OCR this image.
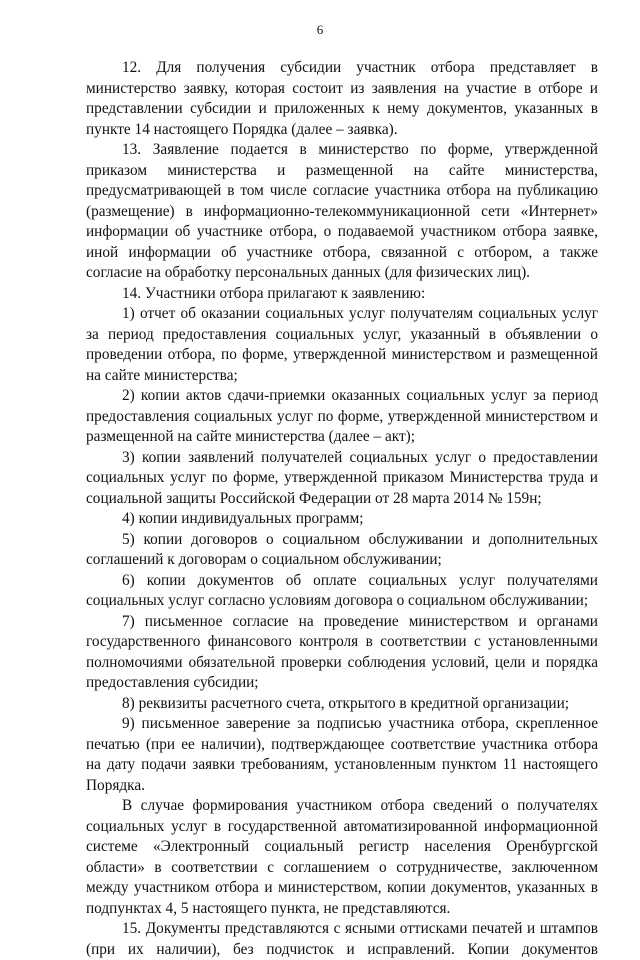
6
12. Для получения субсидии участник отбора представляет в
министерство заявку, которая состоит из заявления на участие в отборе и
представлении субсидии и приложенных к нему документов, указанных в
пункте 14 настоящего Порядка (далее – заявка).
13. Заявление подается в министерство по форме, утвержденной
приказом министерства и размещенной на сайте министерства,
предусматривающей в том числе согласие участника отбора на публикацию
(размещение) в информационно-телекоммуникационной сети «Интернет»
информации об участнике отбора, о подаваемой участником отбора заявке,
иной информации об участнике отбора, связанной с отбором, а также
согласие на обработку персональных данных (для физических лиц).
14. Участники отбора прилагают к заявлению:
1) отчет об оказании социальных услуг получателям социальных услуг
за период предоставления социальных услуг, указанный в объявлении о
проведении отбора, по форме, утвержденной министерством и размещенной
на сайте министерства;
2) копии актов сдачи-приемки оказанных социальных услуг за период
предоставления социальных услуг по форме, утвержденной министерством и
размещенной на сайте министерства (далее – акт);
3) копии заявлений получателей социальных услуг о предоставлении
социальных услуг по форме, утвержденной приказом Министерства труда и
социальной защиты Российской Федерации от 28 марта 2014 № 159н;
4) копии индивидуальных программ;
5) копии договоров о социальном обслуживании и дополнительных
соглашений к договорам о социальном обслуживании;
6) копии документов об оплате социальных услуг получателями
социальных услуг согласно условиям договора о социальном обслуживании;
7) письменное согласие на проведение министерством и органами
государственного финансового контроля в соответствии с установленными
полномочиями обязательной проверки соблюдения условий, цели и порядка
предоставления субсидии;
8) реквизиты расчетного счета, открытого в кредитной организации;
9) письменное заверение за подписью участника отбора, скрепленное
печатью (при ее наличии), подтверждающее соответствие участника отбора
на дату подачи заявки требованиям, установленным пунктом 11 настоящего
Порядка.
В случае формирования участником отбора сведений о получателях
социальных услуг в государственной автоматизированной информационной
системе «Электронный социальный регистр населения Оренбургской
области» в соответствии с соглашением о сотрудничестве, заключенном
между участником отбора и министерством, копии документов, указанных в
подпунктах 4, 5 настоящего пункта, не представляются.
15. Документы представляются с ясными оттисками печатей и штампов
(при их наличии), без подчисток и исправлений. Копии документов
